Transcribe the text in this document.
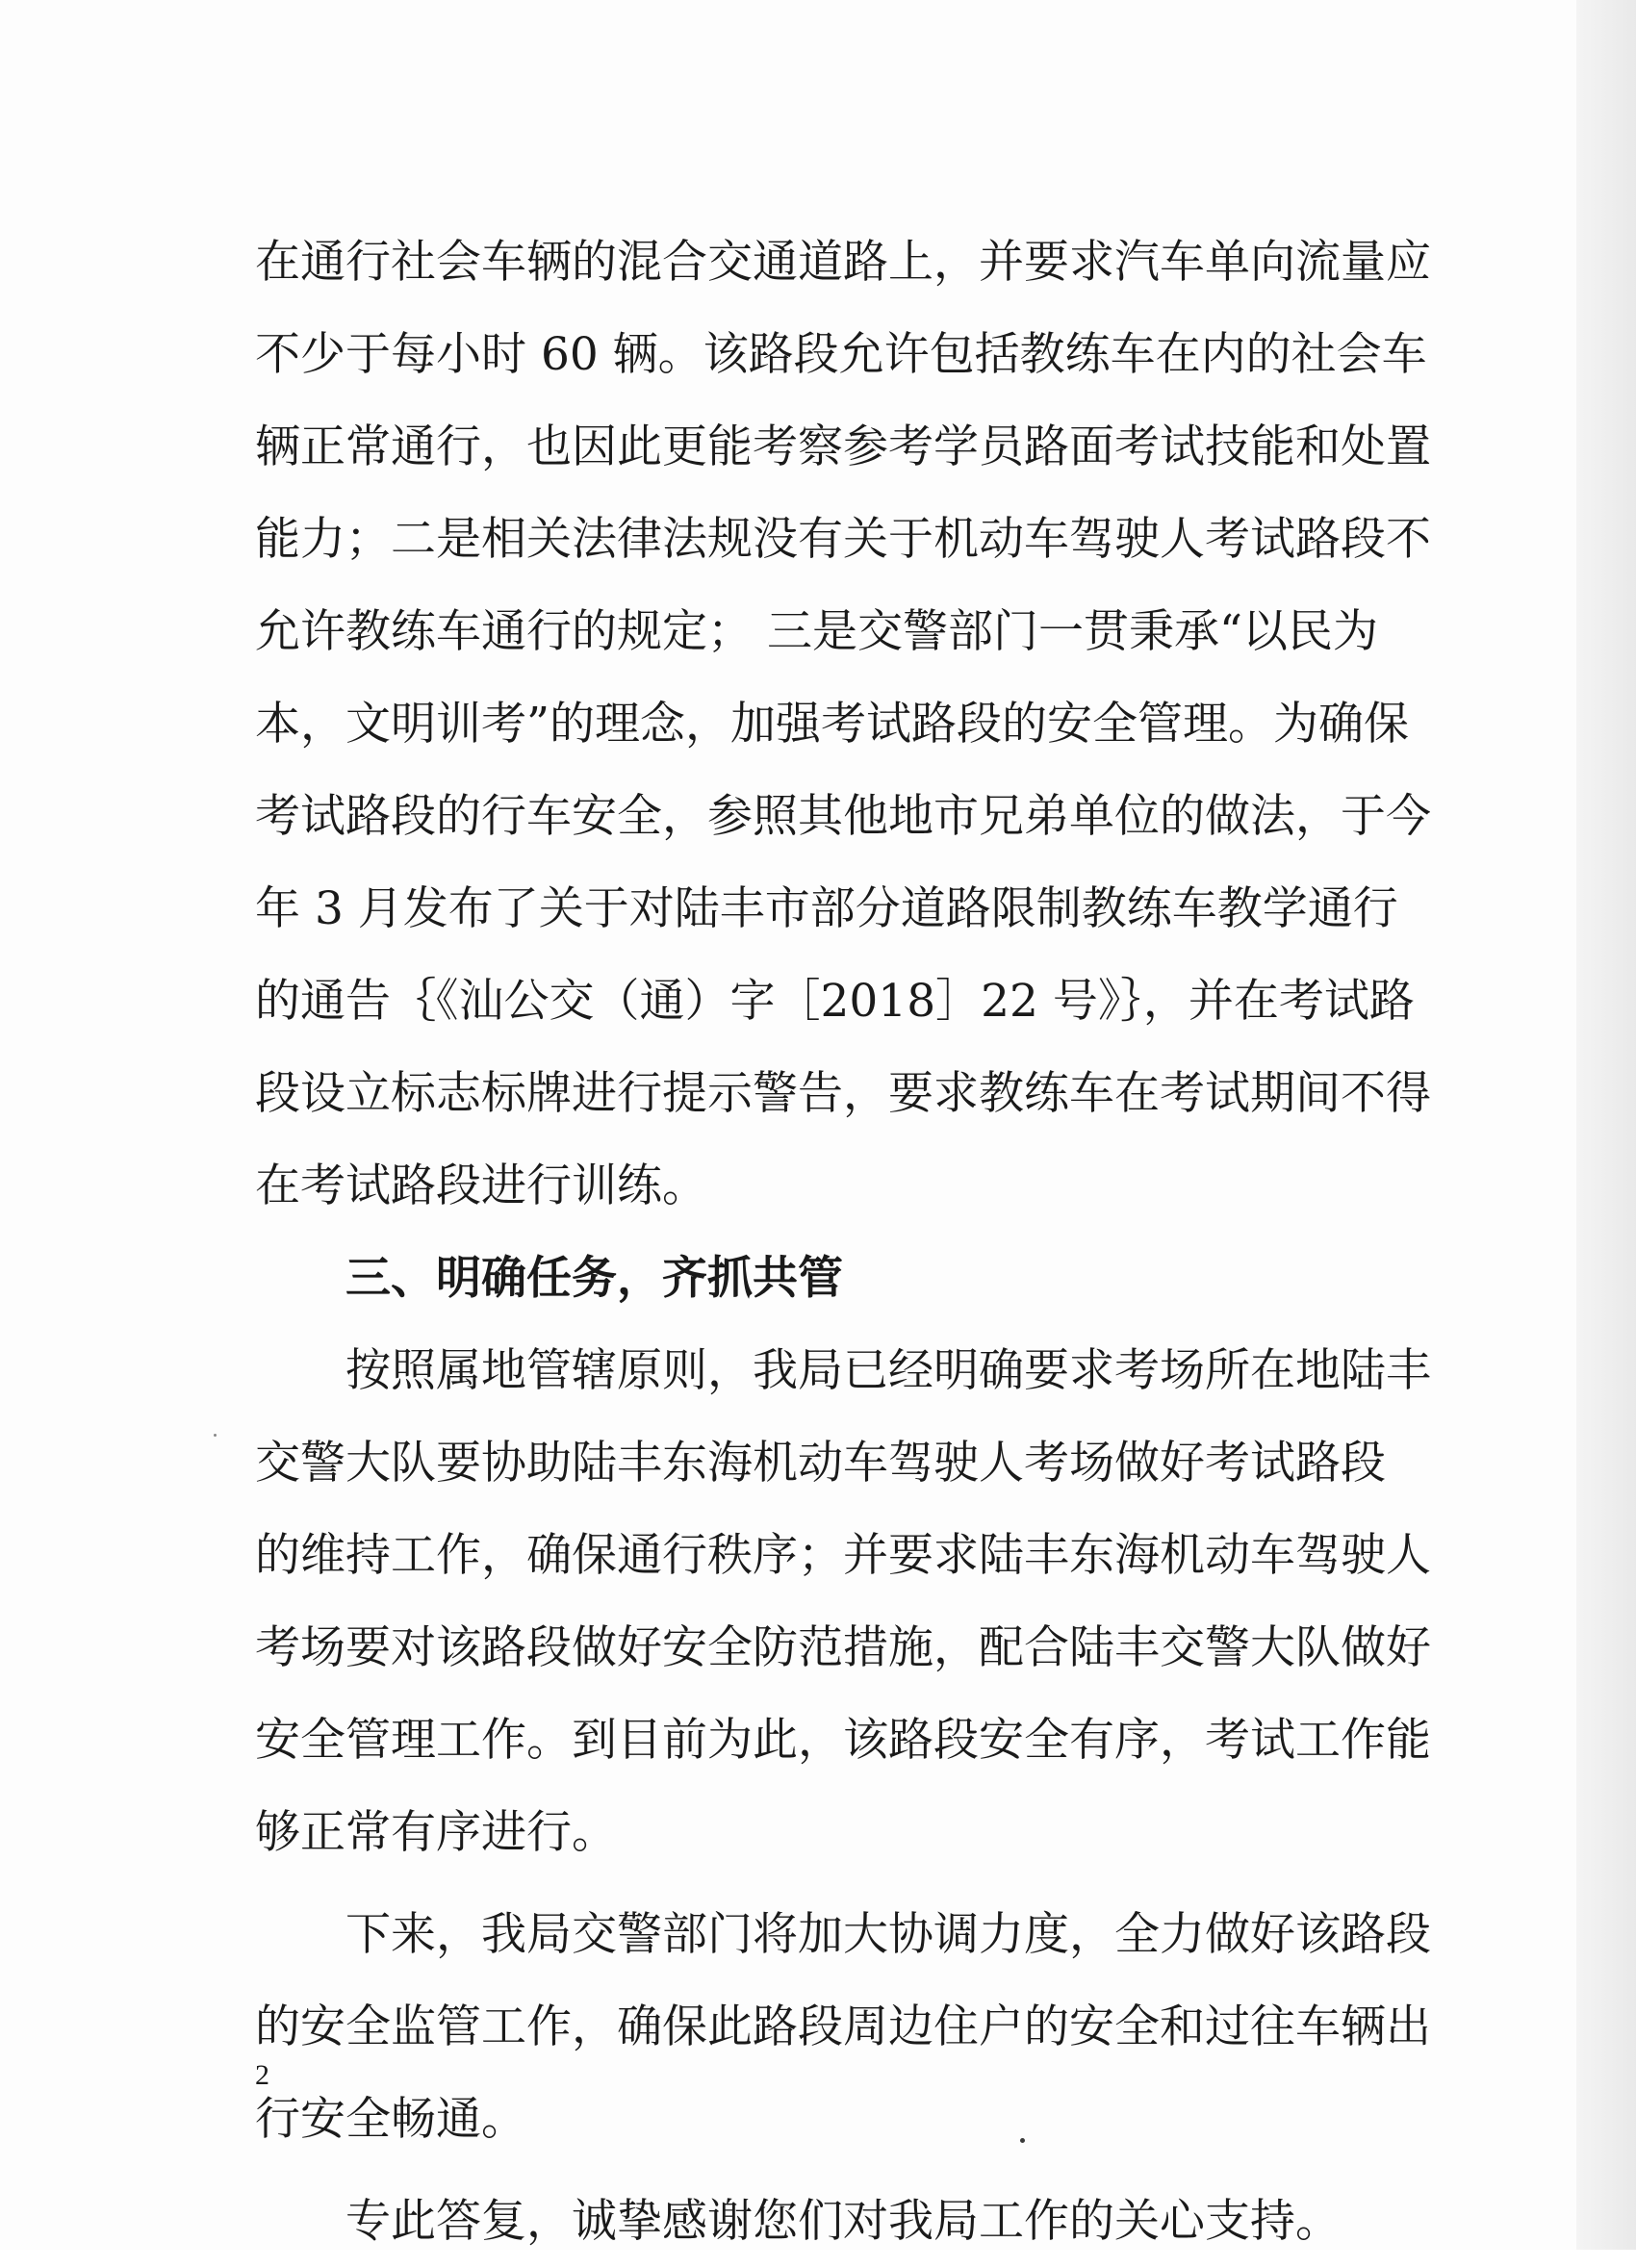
在通行社会车辆的混合交通道路上，并要求汽车单向流量应
不少于每小时 60 辆。该路段允许包括教练车在内的社会车
辆正常通行，也因此更能考察参考学员路面考试技能和处置
能力；二是相关法律法规没有关于机动车驾驶人考试路段不
允许教练车通行的规定； 三是交警部门一贯秉承“以民为
本，文明训考”的理念，加强考试路段的安全管理。为确保
考试路段的行车安全，参照其他地市兄弟单位的做法，于今
年 3 月发布了关于对陆丰市部分道路限制教练车教学通行
的通告｛《汕公交（通）字［2018］22 号》｝，并在考试路
段设立标志标牌进行提示警告，要求教练车在考试期间不得
在考试路段进行训练。
三、明确任务，齐抓共管
按照属地管辖原则，我局已经明确要求考场所在地陆丰
交警大队要协助陆丰东海机动车驾驶人考场做好考试路段
的维持工作，确保通行秩序；并要求陆丰东海机动车驾驶人
考场要对该路段做好安全防范措施，配合陆丰交警大队做好
安全管理工作。到目前为此，该路段安全有序，考试工作能
够正常有序进行。
下来，我局交警部门将加大协调力度，全力做好该路段
的安全监管工作，确保此路段周边住户的安全和过往车辆出
行安全畅通。
专此答复，诚挚感谢您们对我局工作的关心支持。
2
